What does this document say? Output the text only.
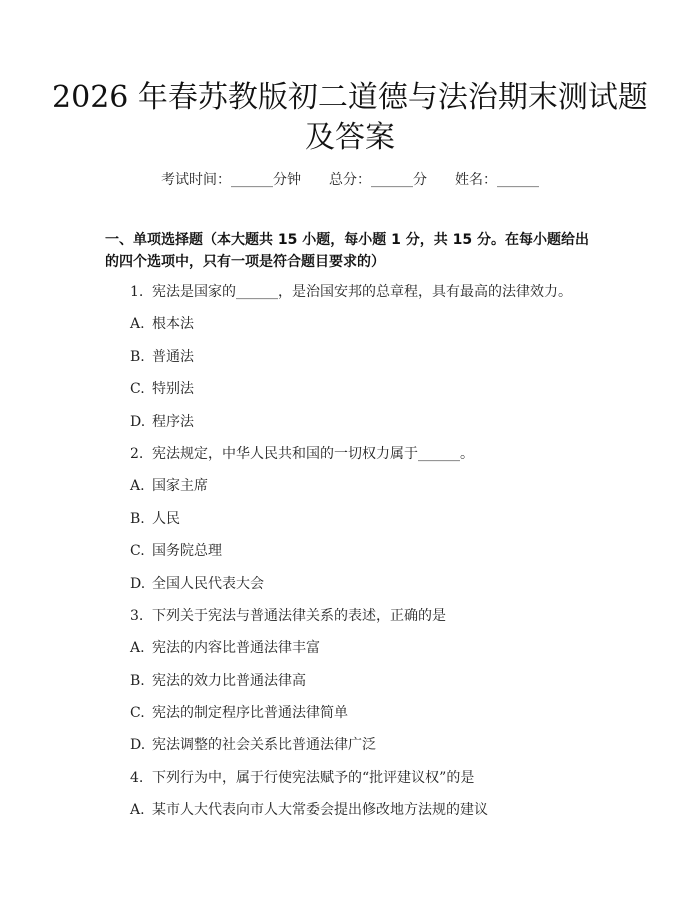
2026 年春苏教版初二道德与法治期末测试题
及答案
考试时间：______分钟 总分：______分 姓名：______

一、单项选择题（本大题共 15 小题，每小题 1 分，共 15 分。在每小题给出的四个选项中，只有一项是符合题目要求的）

1. 宪法是国家的______，是治国安邦的总章程，具有最高的法律效力。
A. 根本法
B. 普通法
C. 特别法
D. 程序法
2. 宪法规定，中华人民共和国的一切权力属于______。
A. 国家主席
B. 人民
C. 国务院总理
D. 全国人民代表大会
3. 下列关于宪法与普通法律关系的表述，正确的是
A. 宪法的内容比普通法律丰富
B. 宪法的效力比普通法律高
C. 宪法的制定程序比普通法律简单
D. 宪法调整的社会关系比普通法律广泛
4. 下列行为中，属于行使宪法赋予的“批评建议权”的是
A. 某市人大代表向市人大常委会提出修改地方法规的建议
